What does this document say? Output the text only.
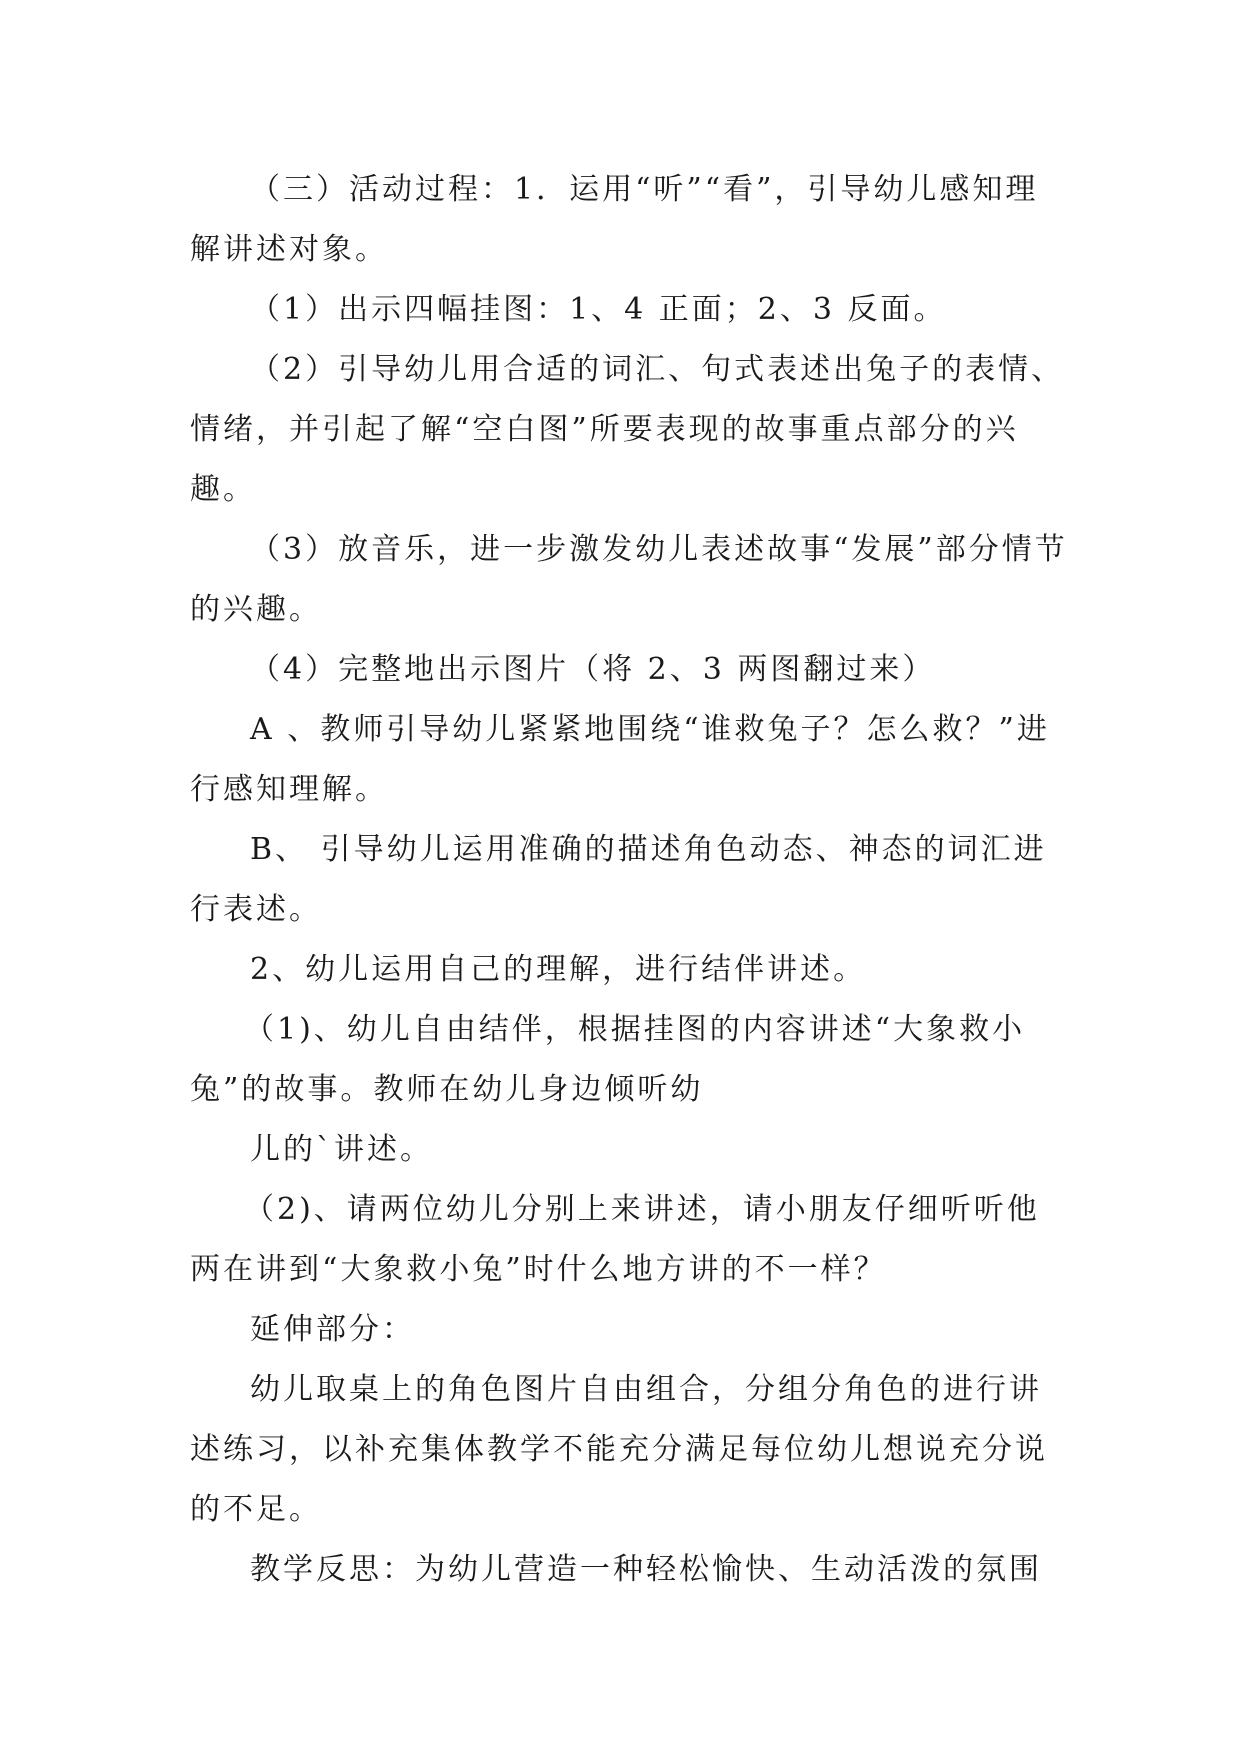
（三）活动过程：1．运用“听”“看”，引导幼儿感知理解讲述对象。

（1）出示四幅挂图：1、4 正面；2、3 反面。

（2）引导幼儿用合适的词汇、句式表述出兔子的表情、情绪，并引起了解“空白图”所要表现的故事重点部分的兴趣。

（3）放音乐，进一步激发幼儿表述故事“发展”部分情节的兴趣。

（4）完整地出示图片（将 2、3 两图翻过来）

A 、教师引导幼儿紧紧地围绕“谁救兔子？怎么救？”进行感知理解。

B、 引导幼儿运用准确的描述角色动态、神态的词汇进行表述。

2、幼儿运用自己的理解，进行结伴讲述。

（1)、幼儿自由结伴，根据挂图的内容讲述“大象救小兔”的故事。教师在幼儿身边倾听幼

儿的`讲述。

（2)、请两位幼儿分别上来讲述，请小朋友仔细听听他两在讲到“大象救小兔”时什么地方讲的不一样？

延伸部分：

幼儿取桌上的角色图片自由组合，分组分角色的进行讲述练习，以补充集体教学不能充分满足每位幼儿想说充分说的不足。

教学反思：为幼儿营造一种轻松愉快、生动活泼的氛围
